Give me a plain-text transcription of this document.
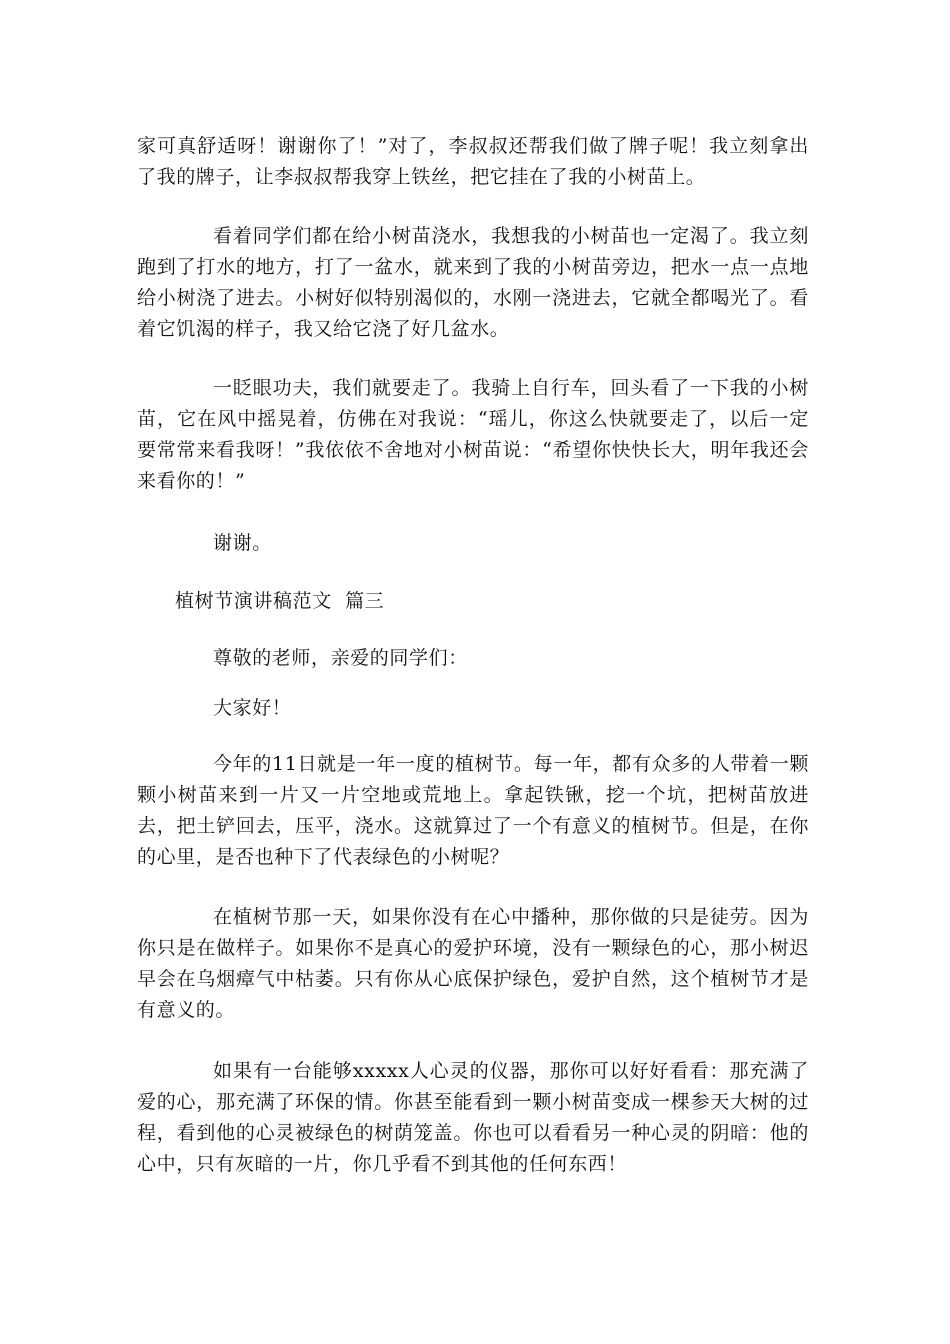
家可真舒适呀！谢谢你了！”对了，李叔叔还帮我们做了牌子呢！我立刻拿出了我的牌子，让李叔叔帮我穿上铁丝，把它挂在了我的小树苗上。

看着同学们都在给小树苗浇水，我想我的小树苗也一定渴了。我立刻跑到了打水的地方，打了一盆水，就来到了我的小树苗旁边，把水一点一点地给小树浇了进去。小树好似特别渴似的，水刚一浇进去，它就全都喝光了。看着它饥渴的样子，我又给它浇了好几盆水。

一眨眼功夫，我们就要走了。我骑上自行车，回头看了一下我的小树苗，它在风中摇晃着，仿佛在对我说：“瑶儿，你这么快就要走了，以后一定要常常来看我呀！”我依依不舍地对小树苗说：“希望你快快长大，明年我还会来看你的！”

谢谢。

植树节演讲稿范文  篇三

尊敬的老师，亲爱的同学们：

大家好！

今年的11日就是一年一度的植树节。每一年，都有众多的人带着一颗颗小树苗来到一片又一片空地或荒地上。拿起铁锹，挖一个坑，把树苗放进去，把土铲回去，压平，浇水。这就算过了一个有意义的植树节。但是，在你的心里，是否也种下了代表绿色的小树呢？

在植树节那一天，如果你没有在心中播种，那你做的只是徒劳。因为你只是在做样子。如果你不是真心的爱护环境，没有一颗绿色的心，那小树迟早会在乌烟瘴气中枯萎。只有你从心底保护绿色，爱护自然，这个植树节才是有意义的。

如果有一台能够xxxxx人心灵的仪器，那你可以好好看看：那充满了爱的心，那充满了环保的情。你甚至能看到一颗小树苗变成一棵参天大树的过程，看到他的心灵被绿色的树荫笼盖。你也可以看看另一种心灵的阴暗：他的心中，只有灰暗的一片，你几乎看不到其他的任何东西！
